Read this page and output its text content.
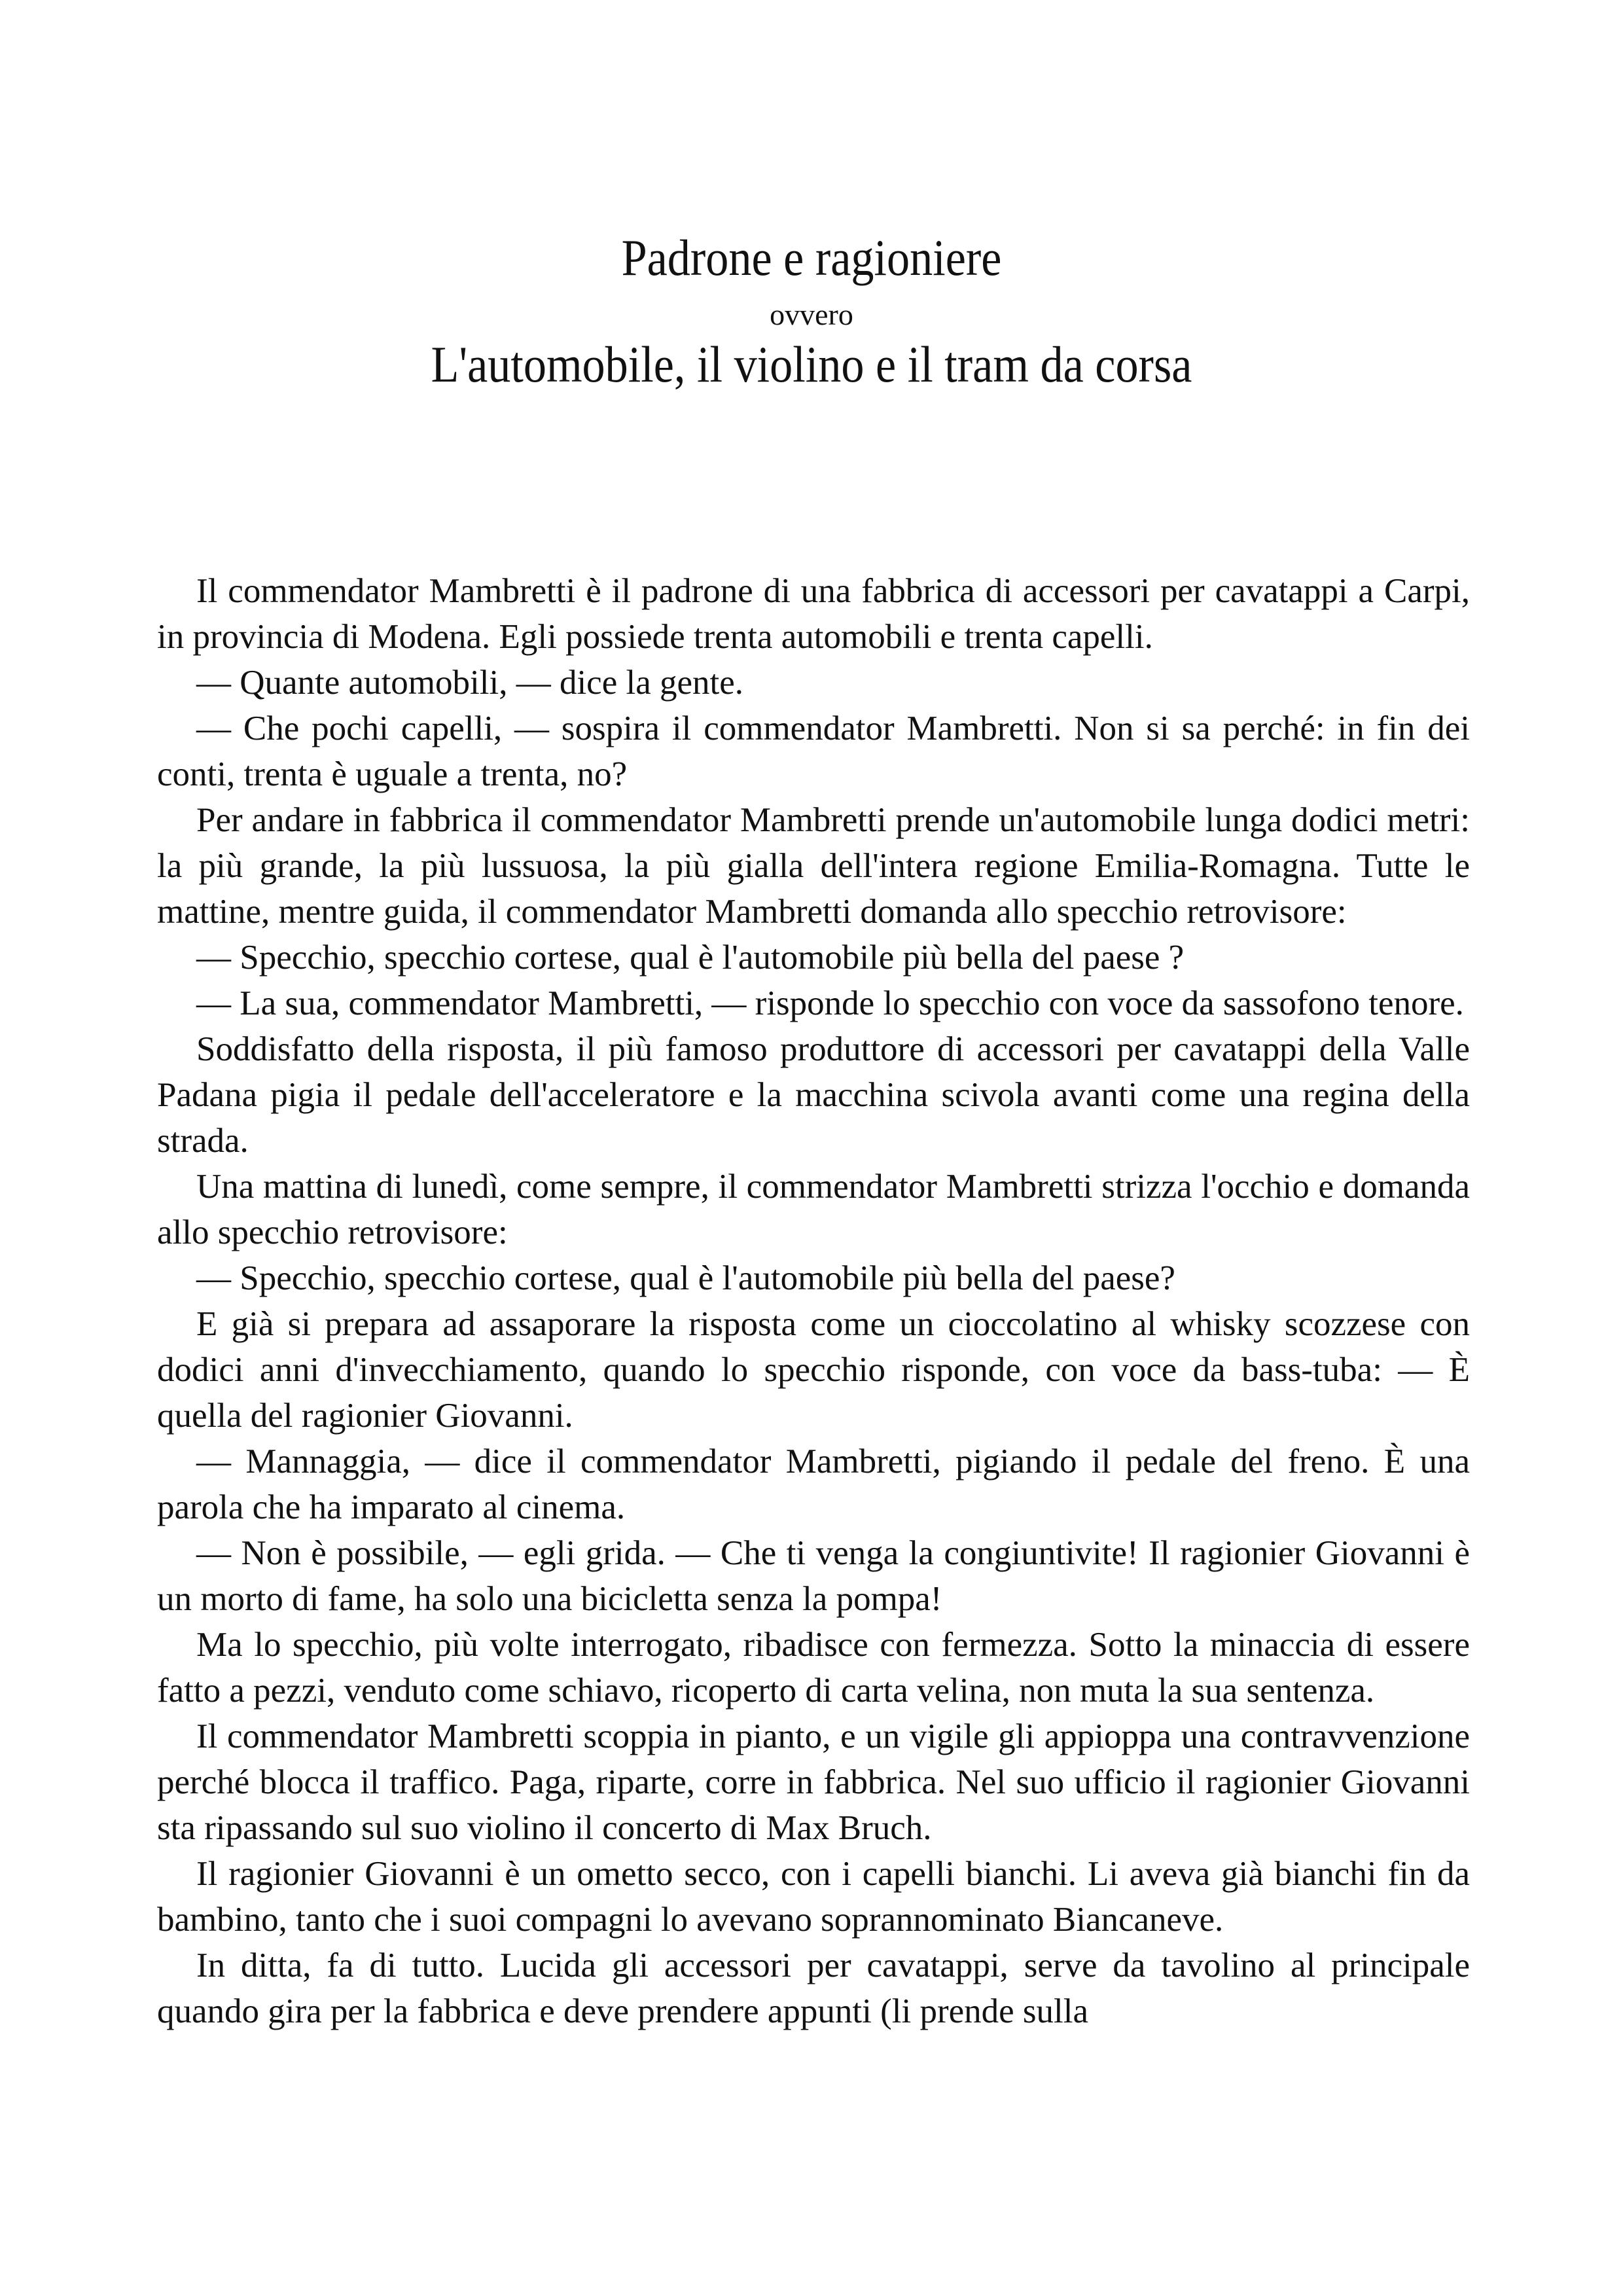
Padrone e ragioniere
ovvero
L'automobile, il violino e il tram da corsa

Il commendator Mambretti è il padrone di una fabbrica di accessori per cavatappi a Carpi, in provincia di Modena. Egli possiede trenta automobili e trenta capelli.

— Quante automobili, — dice la gente.

— Che pochi capelli, — sospira il commendator Mambretti. Non si sa perché: in fin dei conti, trenta è uguale a trenta, no?

Per andare in fabbrica il commendator Mambretti prende un'automobile lunga dodici metri: la più grande, la più lussuosa, la più gialla dell'intera regione Emilia-Romagna. Tutte le mattine, mentre guida, il commendator Mambretti domanda allo specchio retrovisore:

— Specchio, specchio cortese, qual è l'automobile più bella del paese ?

— La sua, commendator Mambretti, — risponde lo specchio con voce da sassofono tenore.

Soddisfatto della risposta, il più famoso produttore di accessori per cavatappi della Valle Padana pigia il pedale dell'acceleratore e la macchina scivola avanti come una regina della strada.

Una mattina di lunedì, come sempre, il commendator Mambretti strizza l'occhio e domanda allo specchio retrovisore:

— Specchio, specchio cortese, qual è l'automobile più bella del paese?

E già si prepara ad assaporare la risposta come un cioccolatino al whisky scozzese con dodici anni d'invecchiamento, quando lo specchio risponde, con voce da bass-tuba: — È quella del ragionier Giovanni.

— Mannaggia, — dice il commendator Mambretti, pigiando il pedale del freno. È una parola che ha imparato al cinema.

— Non è possibile, — egli grida. — Che ti venga la congiuntivite! Il ragionier Giovanni è un morto di fame, ha solo una bicicletta senza la pompa!

Ma lo specchio, più volte interrogato, ribadisce con fermezza. Sotto la minaccia di essere fatto a pezzi, venduto come schiavo, ricoperto di carta velina, non muta la sua sentenza.

Il commendator Mambretti scoppia in pianto, e un vigile gli appioppa una contravvenzione perché blocca il traffico. Paga, riparte, corre in fabbrica. Nel suo ufficio il ragionier Giovanni sta ripassando sul suo violino il concerto di Max Bruch.

Il ragionier Giovanni è un ometto secco, con i capelli bianchi. Li aveva già bianchi fin da bambino, tanto che i suoi compagni lo avevano soprannominato Biancaneve.

In ditta, fa di tutto. Lucida gli accessori per cavatappi, serve da tavolino al principale quando gira per la fabbrica e deve prendere appunti (li prende sulla
